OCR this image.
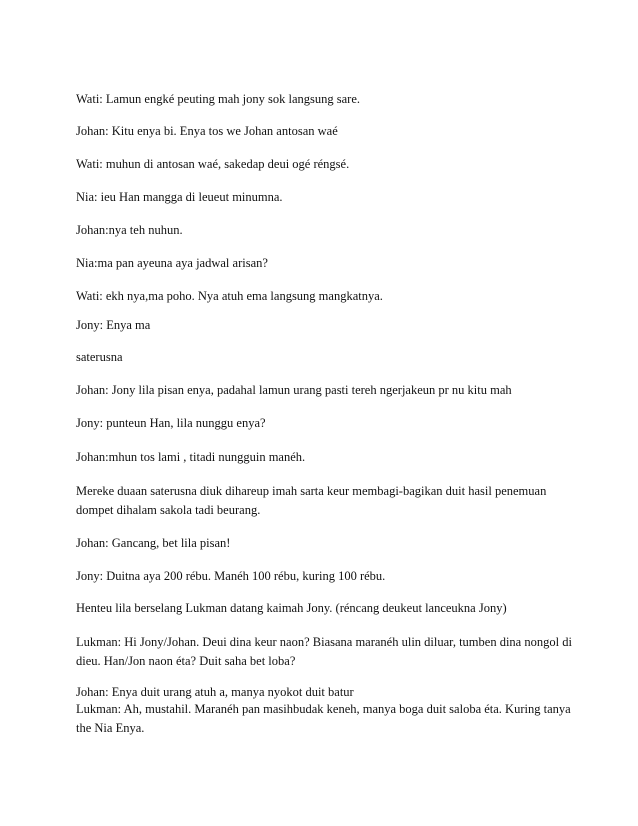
Wati: Lamun engké peuting mah jony sok langsung sare.
Johan: Kitu enya bi. Enya tos we Johan antosan waé
Wati: muhun di antosan waé, sakedap deui ogé réngsé.
Nia: ieu Han mangga di leueut minumna.
Johan:nya teh nuhun.
Nia:ma pan ayeuna aya jadwal arisan?
Wati: ekh nya,ma poho. Nya atuh ema langsung mangkatnya.
Jony: Enya ma
saterusna
Johan: Jony lila pisan enya, padahal lamun urang pasti tereh ngerjakeun pr nu kitu mah
Jony: punteun Han, lila nunggu enya?
Johan:mhun tos lami , titadi nungguin manéh.
Mereke duaan saterusna diuk dihareup imah sarta keur membagi-bagikan duit hasil penemuan dompet dihalam sakola tadi beurang.
Johan: Gancang, bet lila pisan!
Jony: Duitna aya 200 rébu. Manéh 100 rébu, kuring 100 rébu.
Henteu lila berselang Lukman datang kaimah Jony. (réncang deukeut lanceukna Jony)
Lukman: Hi Jony/Johan. Deui dina keur naon? Biasana maranéh ulin diluar, tumben dina nongol di dieu. Han/Jon naon éta? Duit saha bet loba?
Johan: Enya duit urang atuh a, manya nyokot duit batur
Lukman: Ah, mustahil. Maranéh pan masihbudak keneh, manya boga duit saloba éta. Kuring tanya the Nia Enya.
